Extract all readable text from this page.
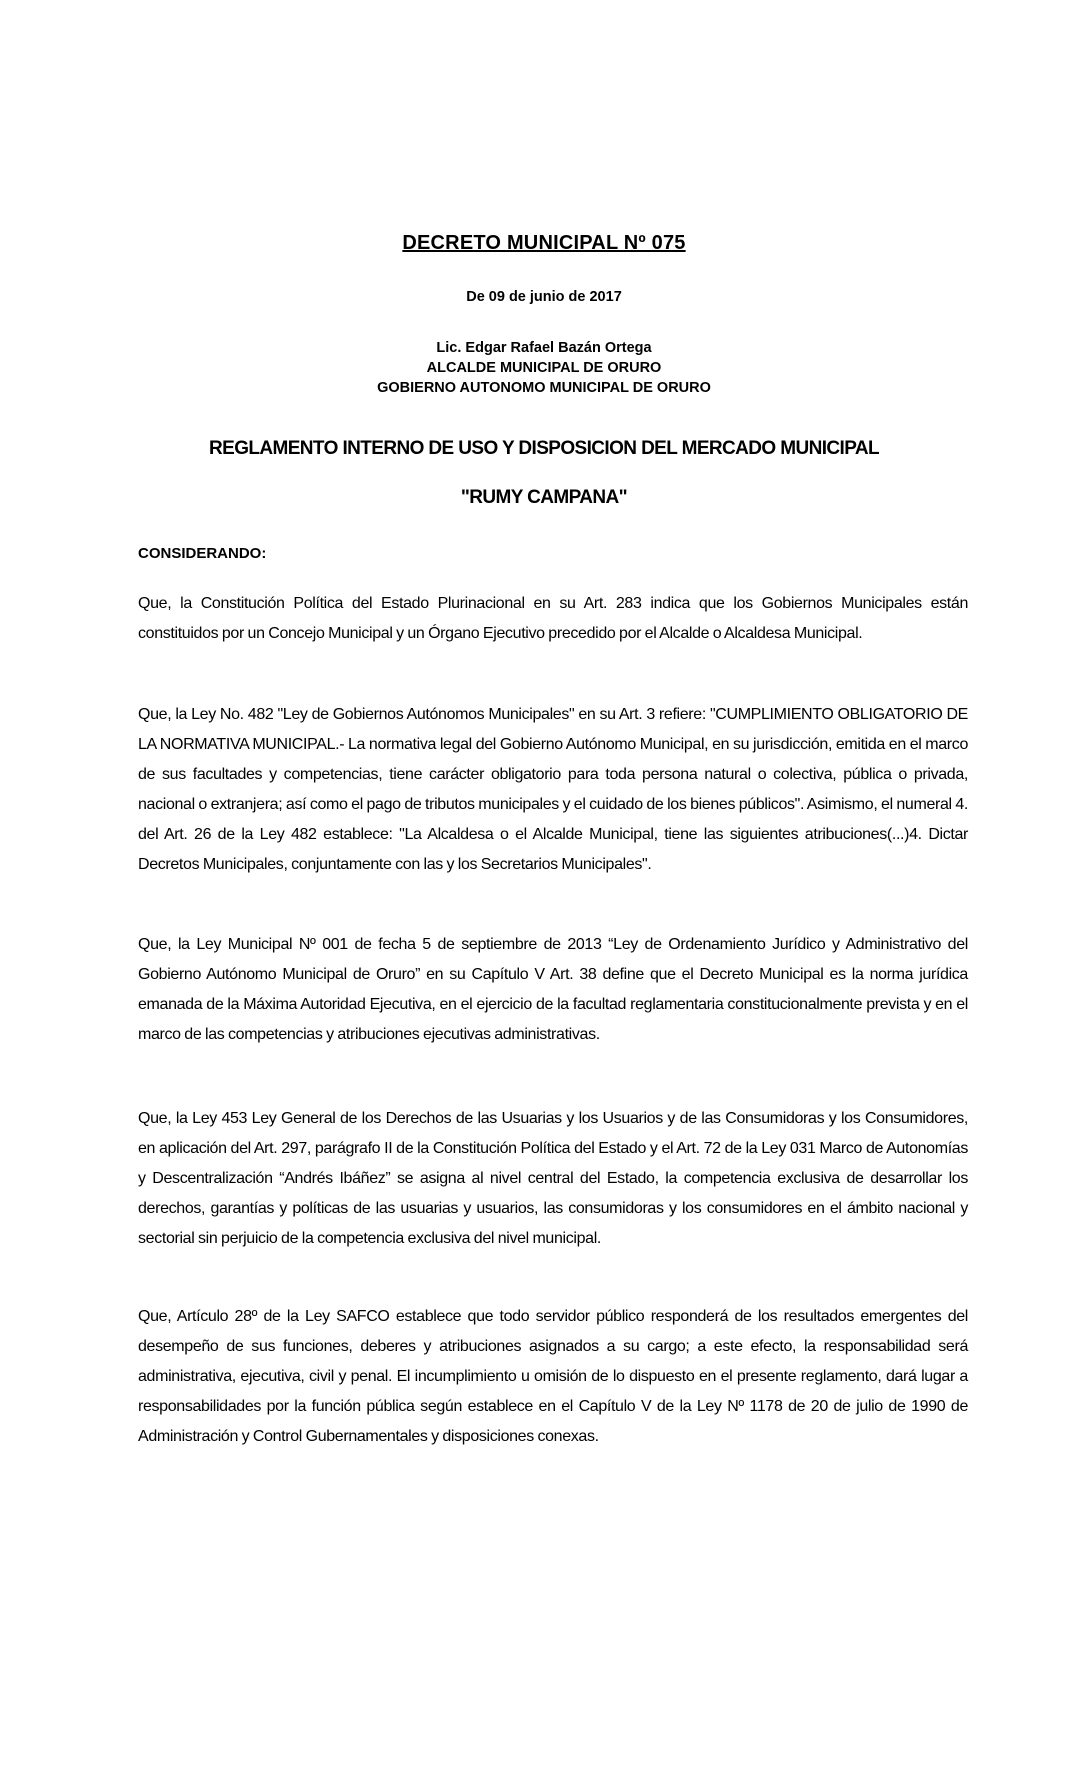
DECRETO MUNICIPAL Nº 075
De 09 de junio de 2017
Lic. Edgar Rafael Bazán Ortega
ALCALDE MUNICIPAL DE ORURO
GOBIERNO AUTONOMO MUNICIPAL DE ORURO
REGLAMENTO INTERNO DE USO Y DISPOSICION DEL MERCADO MUNICIPAL
"RUMY CAMPANA"
CONSIDERANDO:

Que, la Constitución Política del Estado Plurinacional en su Art. 283 indica que los Gobiernos Municipales están constituidos por un Concejo Municipal y un Órgano Ejecutivo precedido por el Alcalde o Alcaldesa Municipal.

Que, la Ley No. 482 "Ley de Gobiernos Autónomos Municipales" en su Art. 3 refiere: "CUMPLIMIENTO OBLIGATORIO DE LA NORMATIVA MUNICIPAL.- La normativa legal del Gobierno Autónomo Municipal, en su jurisdicción, emitida en el marco de sus facultades y competencias, tiene carácter obligatorio para toda persona natural o colectiva, pública o privada, nacional o extranjera; así como el pago de tributos municipales y el cuidado de los bienes públicos". Asimismo, el numeral 4. del Art. 26 de la Ley 482 establece: "La Alcaldesa o el Alcalde Municipal, tiene las siguientes atribuciones(...)4. Dictar Decretos Municipales, conjuntamente con las y los Secretarios Municipales".

Que, la Ley Municipal Nº 001 de fecha 5 de septiembre de 2013 “Ley de Ordenamiento Jurídico y Administrativo del Gobierno Autónomo Municipal de Oruro” en su Capítulo V Art. 38 define que el Decreto Municipal es la norma jurídica emanada de la Máxima Autoridad Ejecutiva, en el ejercicio de la facultad reglamentaria constitucionalmente prevista y en el marco de las competencias y atribuciones ejecutivas administrativas.

Que, la Ley 453 Ley General de los Derechos de las Usuarias y los Usuarios y de las Consumidoras y los Consumidores, en aplicación del Art. 297, parágrafo II de la Constitución Política del Estado y el Art. 72 de la Ley 031 Marco de Autonomías y Descentralización “Andrés Ibáñez” se asigna al nivel central del Estado, la competencia exclusiva de desarrollar los derechos, garantías y políticas de las usuarias y usuarios, las consumidoras y los consumidores en el ámbito nacional y sectorial sin perjuicio de la competencia exclusiva del nivel municipal.

Que, Artículo 28º de la Ley SAFCO establece que todo servidor público responderá de los resultados emergentes del desempeño de sus funciones, deberes y atribuciones asignados a su cargo; a este efecto, la responsabilidad será administrativa, ejecutiva, civil y penal. El incumplimiento u omisión de lo dispuesto en el presente reglamento, dará lugar a responsabilidades por la función pública según establece en el Capítulo V de la Ley Nº 1178 de 20 de julio de 1990 de Administración y Control Gubernamentales y disposiciones conexas.
